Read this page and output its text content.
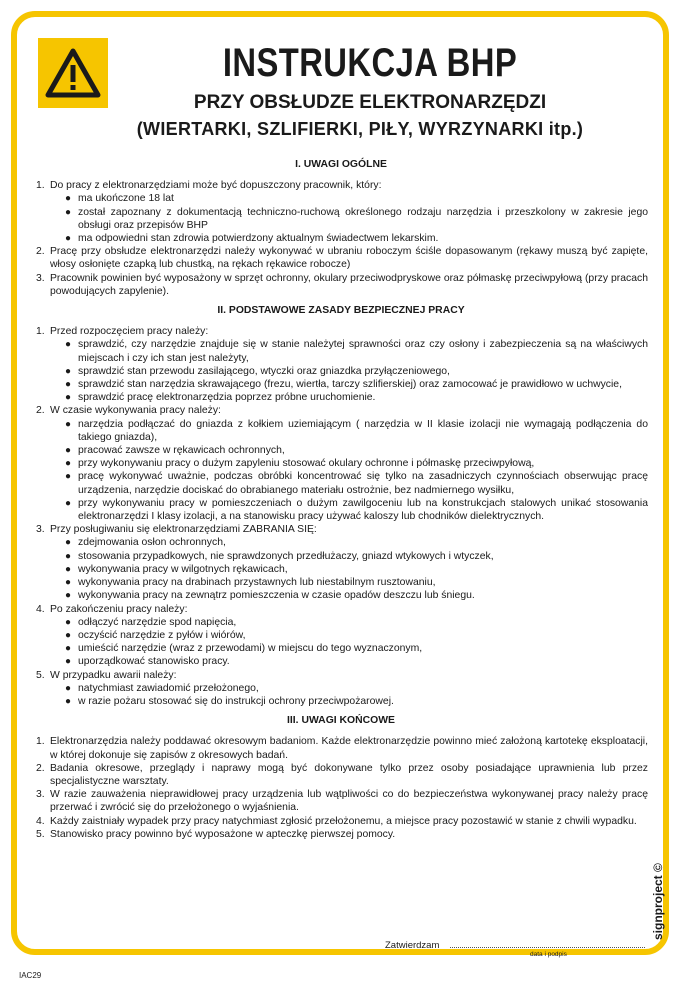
INSTRUKCJA BHP
PRZY OBSŁUDZE ELEKTRONARZĘDZI
(WIERTARKI, SZLIFIERKI, PIŁY, WYRZYNARKI itp.)
I. UWAGI OGÓLNE
1. Do pracy z elektronarzędziami może być dopuszczony pracownik, który:
● ma ukończone 18 lat
● został zapoznany z dokumentacją techniczno-ruchową określonego rodzaju narzędzia i przeszkolony w zakresie jego obsługi oraz przepisów BHP
● ma odpowiedni stan zdrowia potwierdzony aktualnym świadectwem lekarskim.
2. Pracę przy obsłudze elektronarzędzi należy wykonywać w ubraniu roboczym ściśle dopasowanym (rękawy muszą być zapięte, włosy osłonięte czapką lub chustką, na rękach rękawice robocze)
3. Pracownik powinien być wyposażony w sprzęt ochronny, okulary przeciwodpryskowe oraz półmaskę przeciwpyłową (przy pracach powodujących zapylenie).
II. PODSTAWOWE ZASADY BEZPIECZNEJ PRACY
1. Przed rozpoczęciem pracy należy:
● sprawdzić, czy narzędzie znajduje się w stanie należytej sprawności oraz czy osłony i zabezpieczenia są na właściwych miejscach i czy ich stan jest należyty,
● sprawdzić stan przewodu zasilającego, wtyczki oraz gniazdka przyłączeniowego,
● sprawdzić stan narzędzia skrawającego (frezu, wiertła, tarczy szlifierskiej) oraz zamocować je prawidłowo w uchwycie,
● sprawdzić pracę elektronarzędzia poprzez próbne uruchomienie.
2. W czasie wykonywania pracy należy:
● narzędzia podłączać do gniazda z kołkiem uziemiającym ( narzędzia w II klasie izolacji nie wymagają podłączenia do takiego gniazda),
● pracować zawsze w rękawicach ochronnych,
● przy wykonywaniu pracy o dużym zapyleniu stosować okulary ochronne i półmaskę przeciwpyłową,
● pracę wykonywać uważnie, podczas obróbki koncentrować się tylko na zasadniczych czynnościach obserwując pracę urządzenia, narzędzie dociskać do obrabianego materiału ostrożnie, bez nadmiernego wysiłku,
● przy wykonywaniu pracy w pomieszczeniach o dużym zawilgoceniu lub na konstrukcjach stalowych unikać stosowania elektronarzędzi I klasy izolacji, a na stanowisku pracy używać kaloszy lub chodników dielektrycznych.
3. Przy posługiwaniu się elektronarzędziami ZABRANIA SIĘ:
● zdejmowania osłon ochronnych,
● stosowania przypadkowych, nie sprawdzonych przedłużaczy, gniazd wtykowych i wtyczek,
● wykonywania pracy w wilgotnych rękawicach,
● wykonywania pracy na drabinach przystawnych lub niestabilnym rusztowaniu,
● wykonywania pracy na zewnątrz pomieszczenia w czasie opadów deszczu lub śniegu.
4. Po zakończeniu pracy należy:
● odłączyć narzędzie spod napięcia,
● oczyścić narzędzie z pyłów i wiórów,
● umieścić narzędzie (wraz z przewodami) w miejscu do tego wyznaczonym,
● uporządkować stanowisko pracy.
5. W przypadku awarii należy:
● natychmiast zawiadomić przełożonego,
● w razie pożaru stosować się do instrukcji ochrony przeciwpożarowej.
III. UWAGI KOŃCOWE
1. Elektronarzędzia należy poddawać okresowym badaniom. Każde elektronarzędzie powinno mieć założoną kartotekę eksploatacji, w której dokonuje się zapisów z okresowych badań.
2. Badania okresowe, przeglądy i naprawy mogą być dokonywane tylko przez osoby posiadające uprawnienia lub przez specjalistyczne warsztaty.
3. W razie zauważenia nieprawidłowej pracy urządzenia lub wątpliwości co do bezpieczeństwa wykonywanej pracy należy pracę przerwać i zwrócić się do przełożonego o wyjaśnienia.
4. Każdy zaistniały wypadek przy pracy natychmiast zgłosić przełożonemu, a miejsce pracy pozostawić w stanie z chwili wypadku.
5. Stanowisko pracy powinno być wyposażone w apteczkę pierwszej pomocy.
Zatwierdzam
data i podpis
signproject ©
IAC29
